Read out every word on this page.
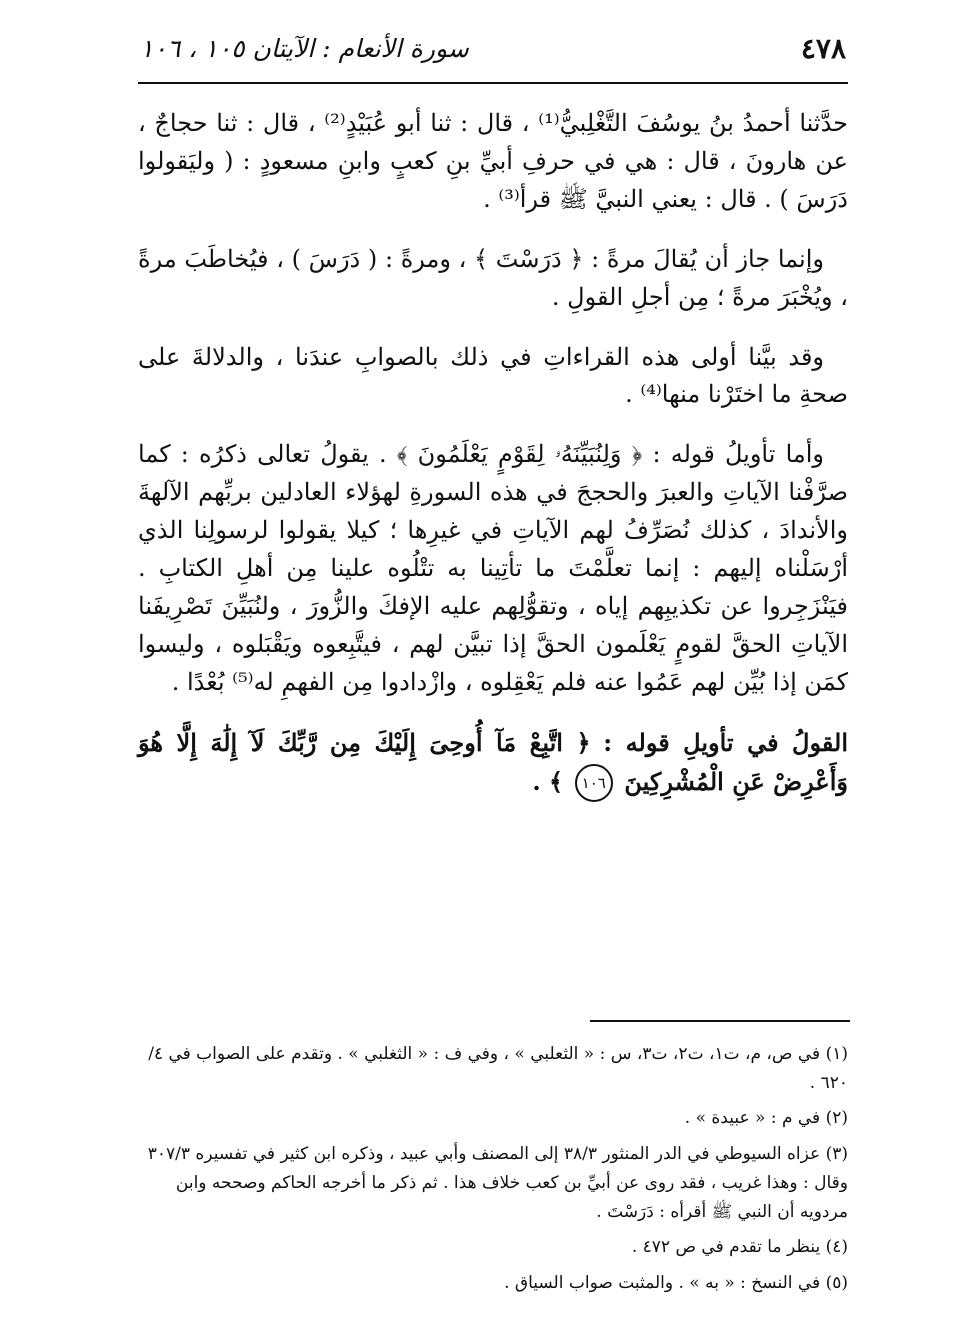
٤٧٨
سورة الأنعام : الآيتان ١٠٥ ، ١٠٦

حدَّثنا أحمدُ بنُ يوسُفَ التَّغْلِبيُّ⁽¹⁾ ، قال : ثنا أبو عُبَيْدٍ⁽²⁾ ، قال : ثنا حجاجٌ ، عن هارونَ ، قال : هي في حرفِ أبيِّ بنِ كعبٍ وابنِ مسعودٍ : ( وليَقولوا دَرَسَ ) . قال : يعني النبيَّ ﷺ قرأ⁽³⁾ .

وإنما جاز أن يُقالَ مرةً : ﴿ دَرَسْتَ ﴾ ، ومرةً : ( دَرَسَ ) ، فيُخاطَبَ مرةً ، ويُخْبَرَ مرةً ؛ مِن أجلِ القولِ .

وقد بيَّنا أولى هذه القراءاتِ في ذلك بالصوابِ عندَنا ، والدلالةَ على صحةِ ما اختَرْنا منها⁽⁴⁾ .

وأما تأويلُ قوله : ﴿ وَلِنُبَيِّنَهُۥ لِقَوْمٍ يَعْلَمُونَ ﴾ . يقولُ تعالى ذكرُه : كما صرَّفْنا الآياتِ والعبرَ والحججَ في هذه السورةِ لهؤلاء العادلين بربِّهم الآلهةَ والأندادَ ، كذلك نُصَرِّفُ لهم الآياتِ في غيرِها ؛ كيلا يقولوا لرسولِنا الذي أرْسَلْناه إليهم : إنما تعلَّمْتَ ما تأتِينا به تتْلُوه علينا مِن أهلِ الكتابِ . فيَنْزَجِروا عن تكذيبِهم إياه ، وتقوُّلِهم عليه الإفكَ والزُّورَ ، ولنُبَيِّنَ تَصْرِيفَنا الآياتِ الحقَّ لقومٍ يَعْلَمون الحقَّ إذا تبيَّن لهم ، فيتَّبِعوه ويَقْبَلوه ، وليسوا كمَن إذا بُيِّن لهم عَمُوا عنه فلم يَعْقِلوه ، وازْدادوا مِن الفهمِ له⁽⁵⁾ بُعْدًا .

القولُ في تأويلِ قوله : ﴿ اتَّبِعْ مَآ أُوحِىَ إِلَيْكَ مِن رَّبِّكَ لَآ إِلَٰهَ إِلَّا هُوَ وَأَعْرِضْ عَنِ الْمُشْرِكِينَ ١٠٦ ﴾ .

(١) في ص، م، ت١، ت٢، ت٣، س : « الثعلبي » ، وفي ف : « الثغلبي » . وتقدم على الصواب في ٤/ ٦٢٠ .

(٢) في م : « عبيدة » .

(٣) عزاه السيوطي في الدر المنثور ٣٨/٣ إلى المصنف وأبي عبيد ، وذكره ابن كثير في تفسيره ٣٠٧/٣ وقال : وهذا غريب ، فقد روى عن أبيِّ بن كعب خلاف هذا . ثم ذكر ما أخرجه الحاكم وصححه وابن مردويه أن النبي ﷺ أقرأه : دَرَسْتَ .

(٤) ينظر ما تقدم في ص ٤٧٢ .

(٥) في النسخ : « به » . والمثبت صواب السياق .
